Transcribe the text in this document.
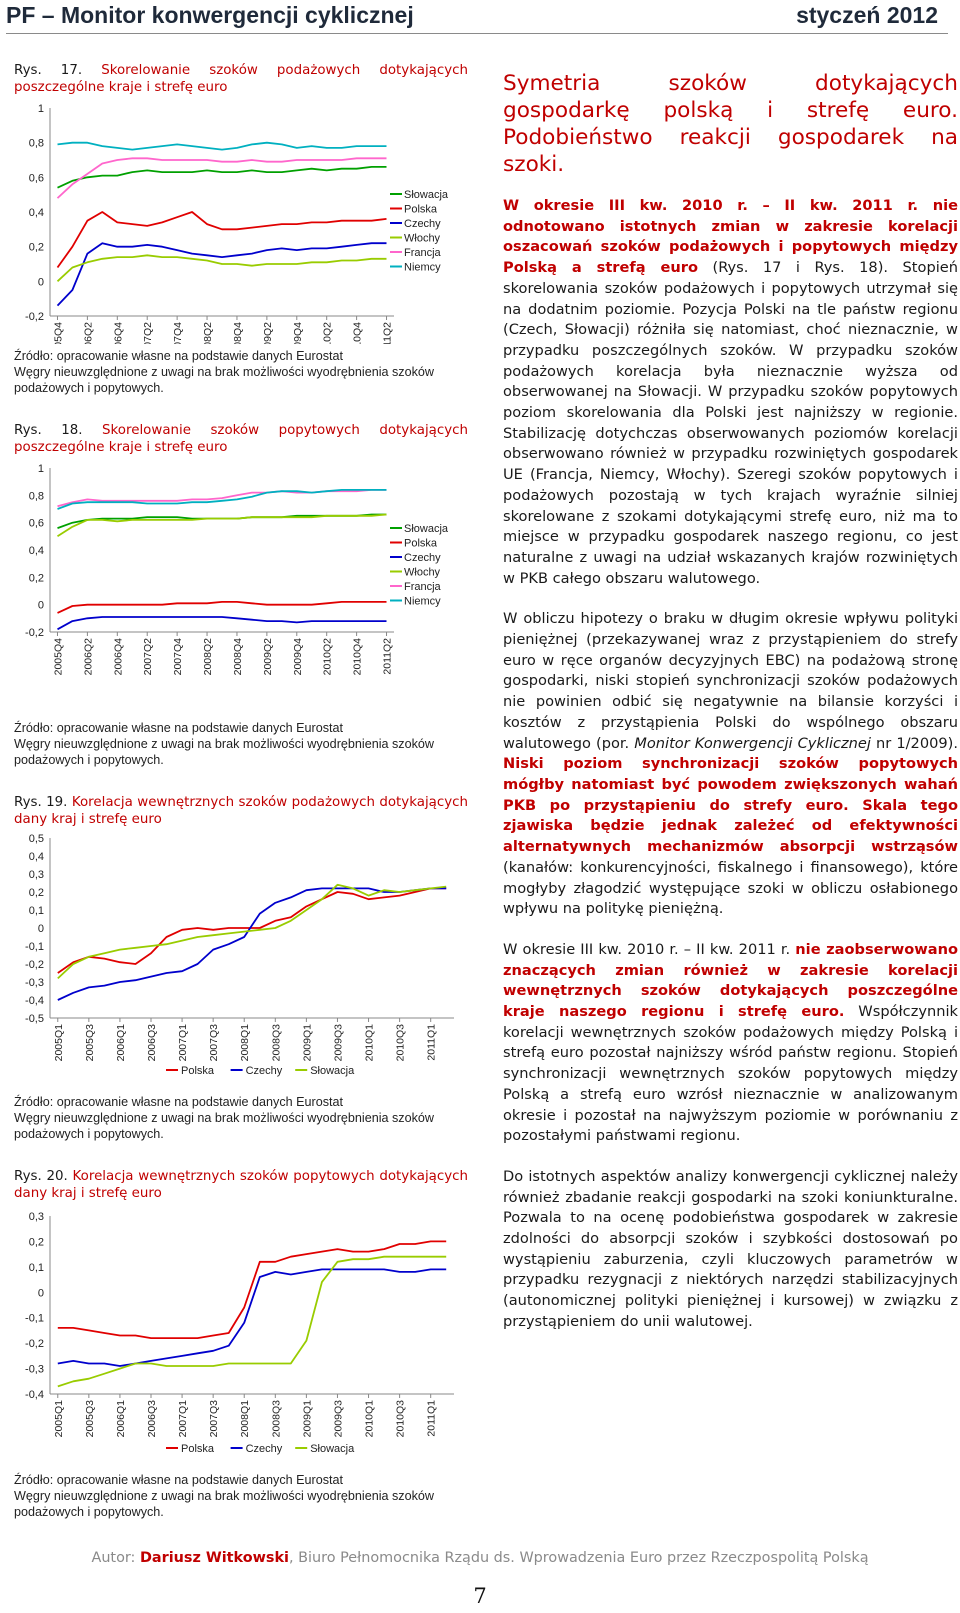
PF – Monitor konwergencji cyklicznej	styczeń 2012

Rys. 17. Skorelowanie szoków podażowych dotykających poszczególne kraje i strefę euro

1
0,8
0,6
0,4
0,2
0
-0,2
2005Q4 2006Q2 2006Q4 2007Q2 2007Q4 2008Q2 2008Q4 2009Q2 2009Q4 2010Q2 2010Q4 2011Q2
Słowacja
Polska
Czechy
Włochy
Francja
Niemcy

Źródło: opracowanie własne na podstawie danych Eurostat

Węgry nieuwzględnione z uwagi na brak możliwości wyodrębnienia szoków podażowych i popytowych.

Rys. 18. Skorelowanie szoków popytowych dotykających poszczególne kraje i strefę euro

1
0,8
0,6
0,4
0,2
0
-0,2
2005Q4 2006Q2 2006Q4 2007Q2 2007Q4 2008Q2 2008Q4 2009Q2 2009Q4 2010Q2 2010Q4 2011Q2
Słowacja
Polska
Czechy
Włochy
Francja
Niemcy

Źródło: opracowanie własne na podstawie danych Eurostat

Węgry nieuwzględnione z uwagi na brak możliwości wyodrębnienia szoków podażowych i popytowych.

Rys. 19. Korelacja wewnętrznych szoków podażowych dotykających dany kraj i strefę euro

0,5
0,4
0,3
0,2
0,1
0
-0,1
-0,2
-0,3
-0,4
-0,5
2005Q1 2005Q3 2006Q1 2006Q3 2007Q1 2007Q3 2008Q1 2008Q3 2009Q1 2009Q3 2010Q1 2010Q3 2011Q1
Polska	Czechy	Słowacja

Źródło: opracowanie własne na podstawie danych Eurostat

Węgry nieuwzględnione z uwagi na brak możliwości wyodrębnienia szoków podażowych i popytowych.

Rys. 20. Korelacja wewnętrznych szoków popytowych dotykających dany kraj i strefę euro

0,3
0,2
0,1
0
-0,1
-0,2
-0,3
-0,4
2005Q1 2005Q3 2006Q1 2006Q3 2007Q1 2007Q3 2008Q1 2008Q3 2009Q1 2009Q3 2010Q1 2010Q3 2011Q1
Polska	Czechy	Słowacja

Źródło: opracowanie własne na podstawie danych Eurostat

Węgry nieuwzględnione z uwagi na brak możliwości wyodrębnienia szoków podażowych i popytowych.

Symetria szoków dotykających gospodarkę polską i strefę euro. Podobieństwo reakcji gospodarek na szoki.

W okresie III kw. 2010 r. – II kw. 2011 r. nie odnotowano istotnych zmian w zakresie korelacji oszacowań szoków podażowych i popytowych między Polską a strefą euro (Rys. 17 i Rys. 18). Stopień skorelowania szoków podażowych i popytowych utrzymał się na dodatnim poziomie. Pozycja Polski na tle państw regionu (Czech, Słowacji) różniła się natomiast, choć nieznacznie, w przypadku poszczególnych szoków. W przypadku szoków podażowych korelacja była nieznacznie wyższa od obserwowanej na Słowacji. W przypadku szoków popytowych poziom skorelowania dla Polski jest najniższy w regionie. Stabilizację dotychczas obserwowanych poziomów korelacji obserwowano również w przypadku rozwiniętych gospodarek UE (Francja, Niemcy, Włochy). Szeregi szoków popytowych i podażowych pozostają w tych krajach wyraźnie silniej skorelowane z szokami dotykającymi strefę euro, niż ma to miejsce w przypadku gospodarek naszego regionu, co jest naturalne z uwagi na udział wskazanych krajów rozwiniętych w PKB całego obszaru walutowego.

W obliczu hipotezy o braku w długim okresie wpływu polityki pieniężnej (przekazywanej wraz z przystąpieniem do strefy euro w ręce organów decyzyjnych EBC) na podażową stronę gospodarki, niski stopień synchronizacji szoków podażowych nie powinien odbić się negatywnie na bilansie korzyści i kosztów z przystąpienia Polski do wspólnego obszaru walutowego (por. Monitor Konwergencji Cyklicznej nr 1/2009). Niski poziom synchronizacji szoków popytowych mógłby natomiast być powodem zwiększonych wahań PKB po przystąpieniu do strefy euro. Skala tego zjawiska będzie jednak zależeć od efektywności alternatywnych mechanizmów absorpcji wstrząsów (kanałów: konkurencyjności, fiskalnego i finansowego), które mogłyby złagodzić występujące szoki w obliczu osłabionego wpływu na politykę pieniężną.

W okresie III kw. 2010 r. – II kw. 2011 r. nie zaobserwowano znaczących zmian również w zakresie korelacji wewnętrznych szoków dotykających poszczególne kraje naszego regionu i strefę euro. Współczynnik korelacji wewnętrznych szoków podażowych między Polską i strefą euro pozostał najniższy wśród państw regionu. Stopień synchronizacji wewnętrznych szoków popytowych między Polską a strefą euro wzrósł nieznacznie w analizowanym okresie i pozostał na najwyższym poziomie w porównaniu z pozostałymi państwami regionu.

Do istotnych aspektów analizy konwergencji cyklicznej należy również zbadanie reakcji gospodarki na szoki koniunkturalne. Pozwala to na ocenę podobieństwa gospodarek w zakresie zdolności do absorpcji szoków i szybkości dostosowań po wystąpieniu zaburzenia, czyli kluczowych parametrów w przypadku rezygnacji z niektórych narzędzi stabilizacyjnych (autonomicznej polityki pieniężnej i kursowej) w związku z przystąpieniem do unii walutowej.

Autor: Dariusz Witkowski, Biuro Pełnomocnika Rządu ds. Wprowadzenia Euro przez Rzeczpospolitą Polską
7
